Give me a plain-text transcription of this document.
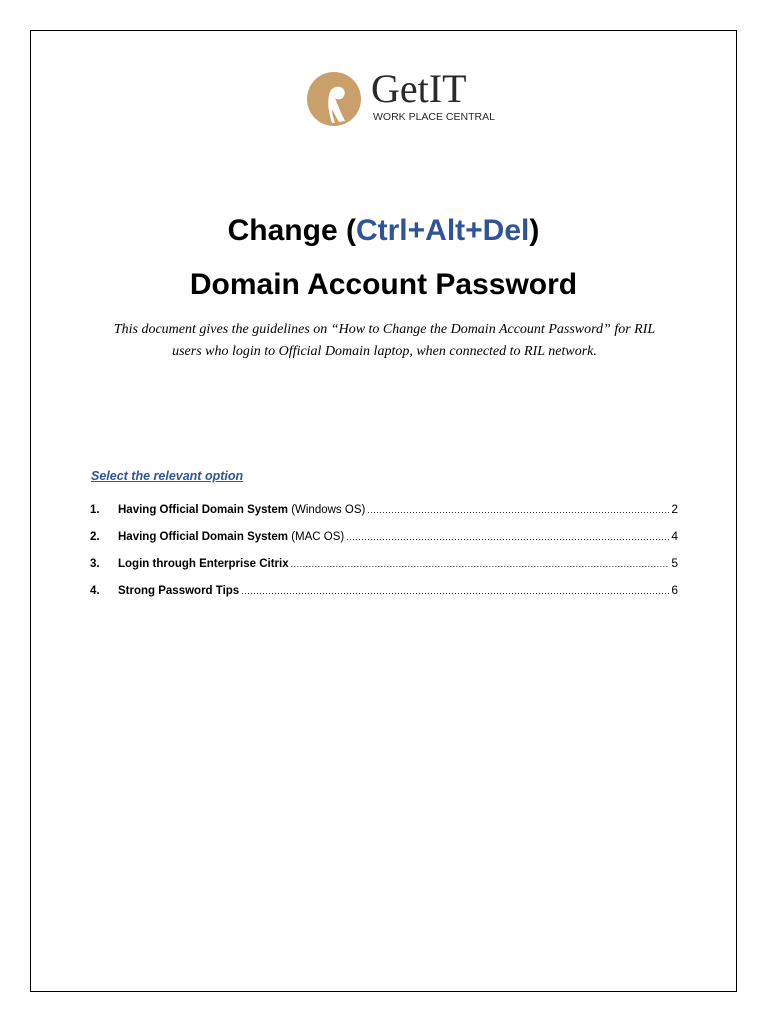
GetIT
WORK PLACE CENTRAL
Change (Ctrl+Alt+Del)
Domain Account Password
This document gives the guidelines on “How to Change the Domain Account Password” for RIL
users who login to Official Domain laptop, when connected to RIL network.
Select the relevant option
1.	Having Official Domain System (Windows OS) .....	2
2.	Having Official Domain System (MAC OS) .....	4
3.	Login through Enterprise Citrix .....	5
4.	Strong Password Tips .....	6
